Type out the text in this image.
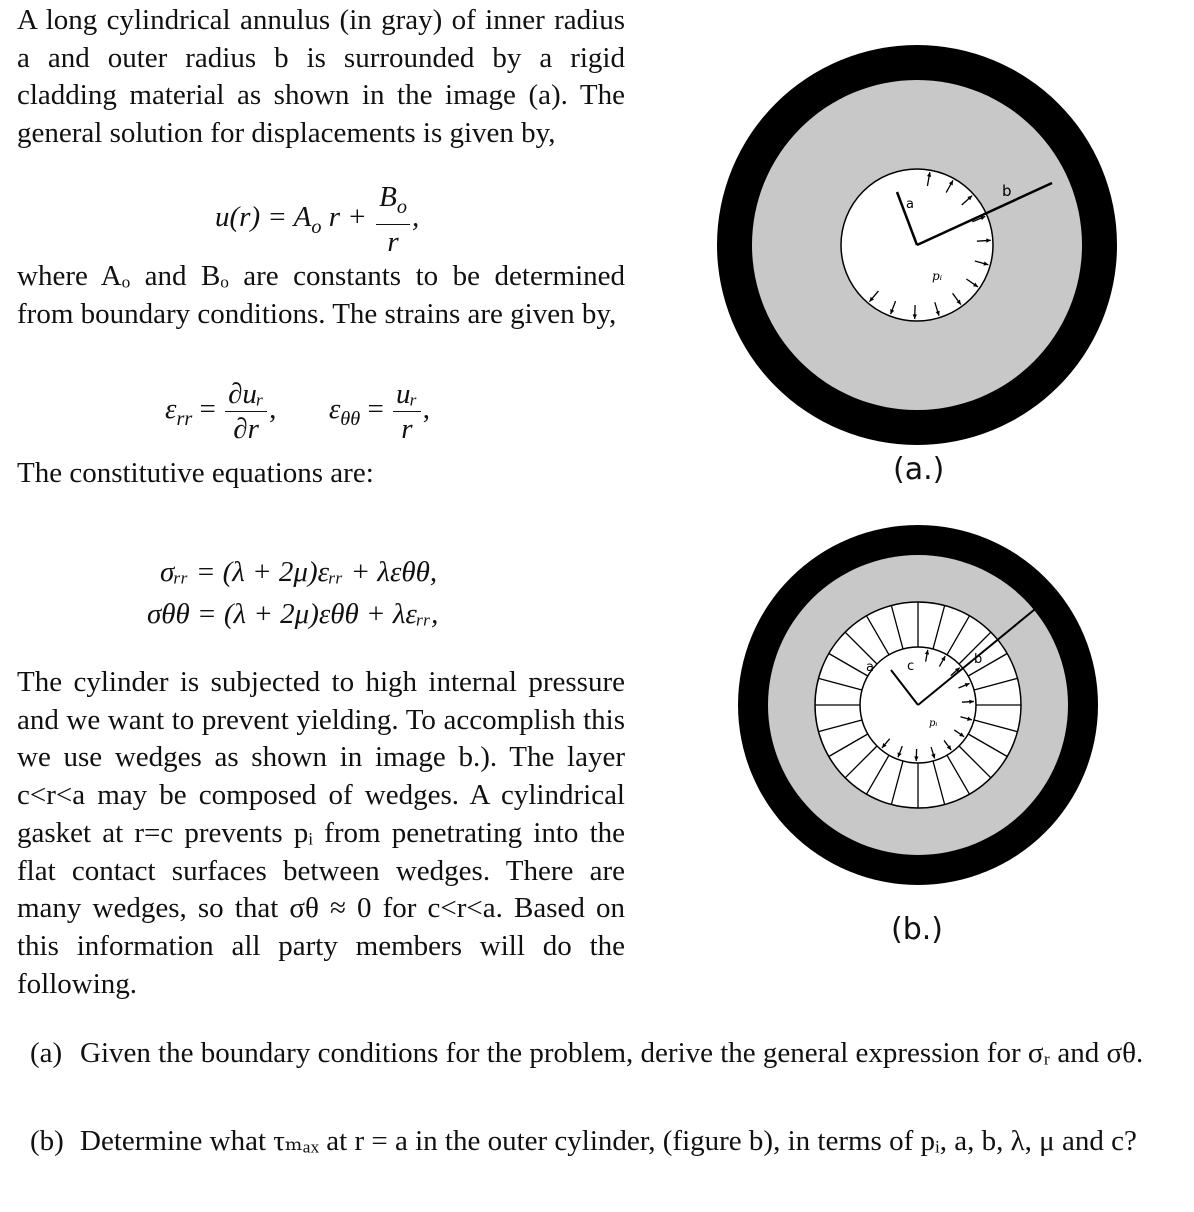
A long cylindrical annulus (in gray) of inner radius a and outer radius b is surrounded by a rigid cladding material as shown in the image (a). The general solution for displacements is given by,

$u(r) = A_o$ $r + \frac{B_o}{r}$ ,

where Aₒ and Bₒ are constants to be determined from boundary conditions. The strains are given by,

$\varepsilon_{rr} = \frac{\text{∂uᵣ}}{\partial r}$ , $\varepsilon_{\theta\theta} = \frac{\text{uᵣ}}{r}$ ,

The constitutive equations are:

σᵣᵣ = (λ + 2μ)εᵣᵣ + λεθθ,
σθθ = (λ + 2μ)εθθ + λεᵣᵣ,

The cylinder is subjected to high internal pressure and we want to prevent yielding. To accomplish this we use wedges as shown in image b.). The layer c<r<a may be composed of wedges. A cylindrical gasket at r=c prevents pᵢ from penetrating into the flat contact surfaces between wedges. There are many wedges, so that σθ ≈ 0 for c<r<a. Based on this information all party members will do the following.

a
b
pᵢ
(a.)
a	c	b
pᵢ
(b.)

(a) Given the boundary conditions for the problem, derive the general expression for σᵣ and σθ.

(b) Determine what τₘₐₓ at r = a in the outer cylinder, (figure b), in terms of pᵢ, a, b, λ, μ and c?
